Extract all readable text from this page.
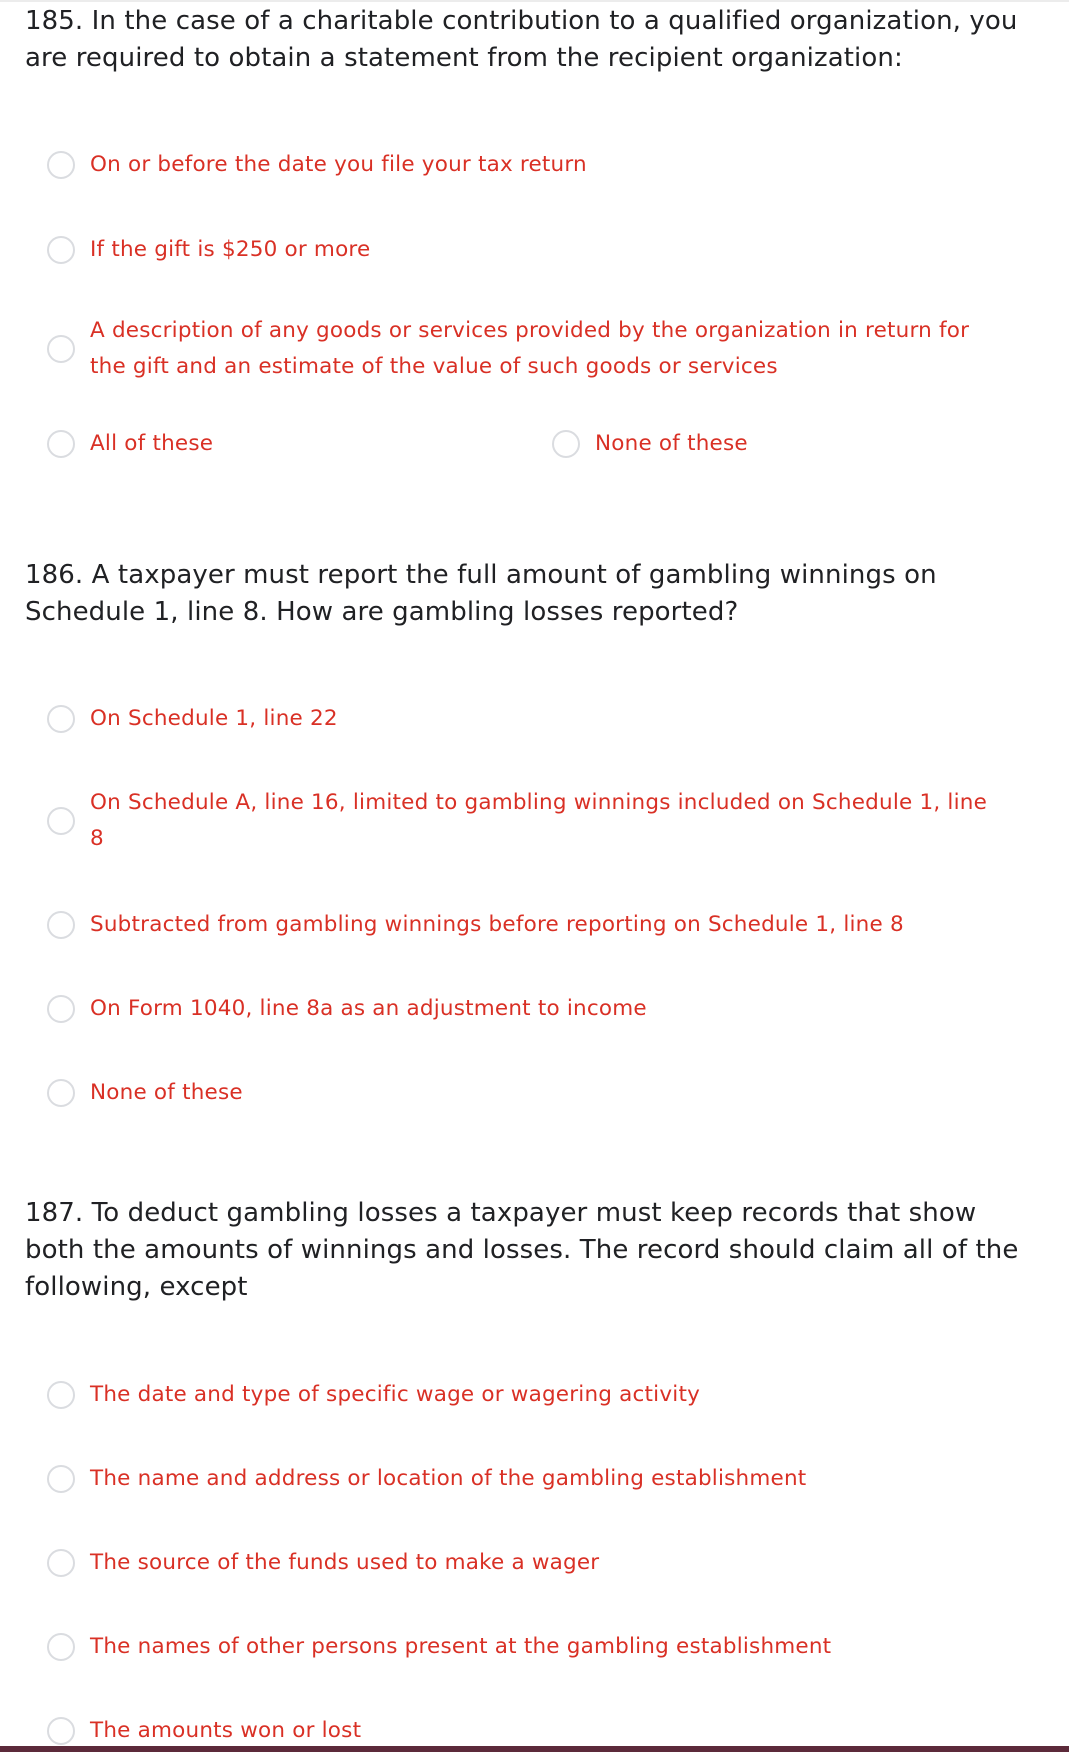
185. In the case of a charitable contribution to a qualified organization, you are required to obtain a statement from the recipient organization:

On or before the date you file your tax return
If the gift is $250 or more
A description of any goods or services provided by the organization in return for the gift and an estimate of the value of such goods or services
All of these	None of these

186. A taxpayer must report the full amount of gambling winnings on Schedule 1, line 8. How are gambling losses reported?

On Schedule 1, line 22
On Schedule A, line 16, limited to gambling winnings included on Schedule 1, line 8
Subtracted from gambling winnings before reporting on Schedule 1, line 8
On Form 1040, line 8a as an adjustment to income
None of these

187. To deduct gambling losses a taxpayer must keep records that show both the amounts of winnings and losses. The record should claim all of the following, except

The date and type of specific wage or wagering activity
The name and address or location of the gambling establishment
The source of the funds used to make a wager
The names of other persons present at the gambling establishment
The amounts won or lost
